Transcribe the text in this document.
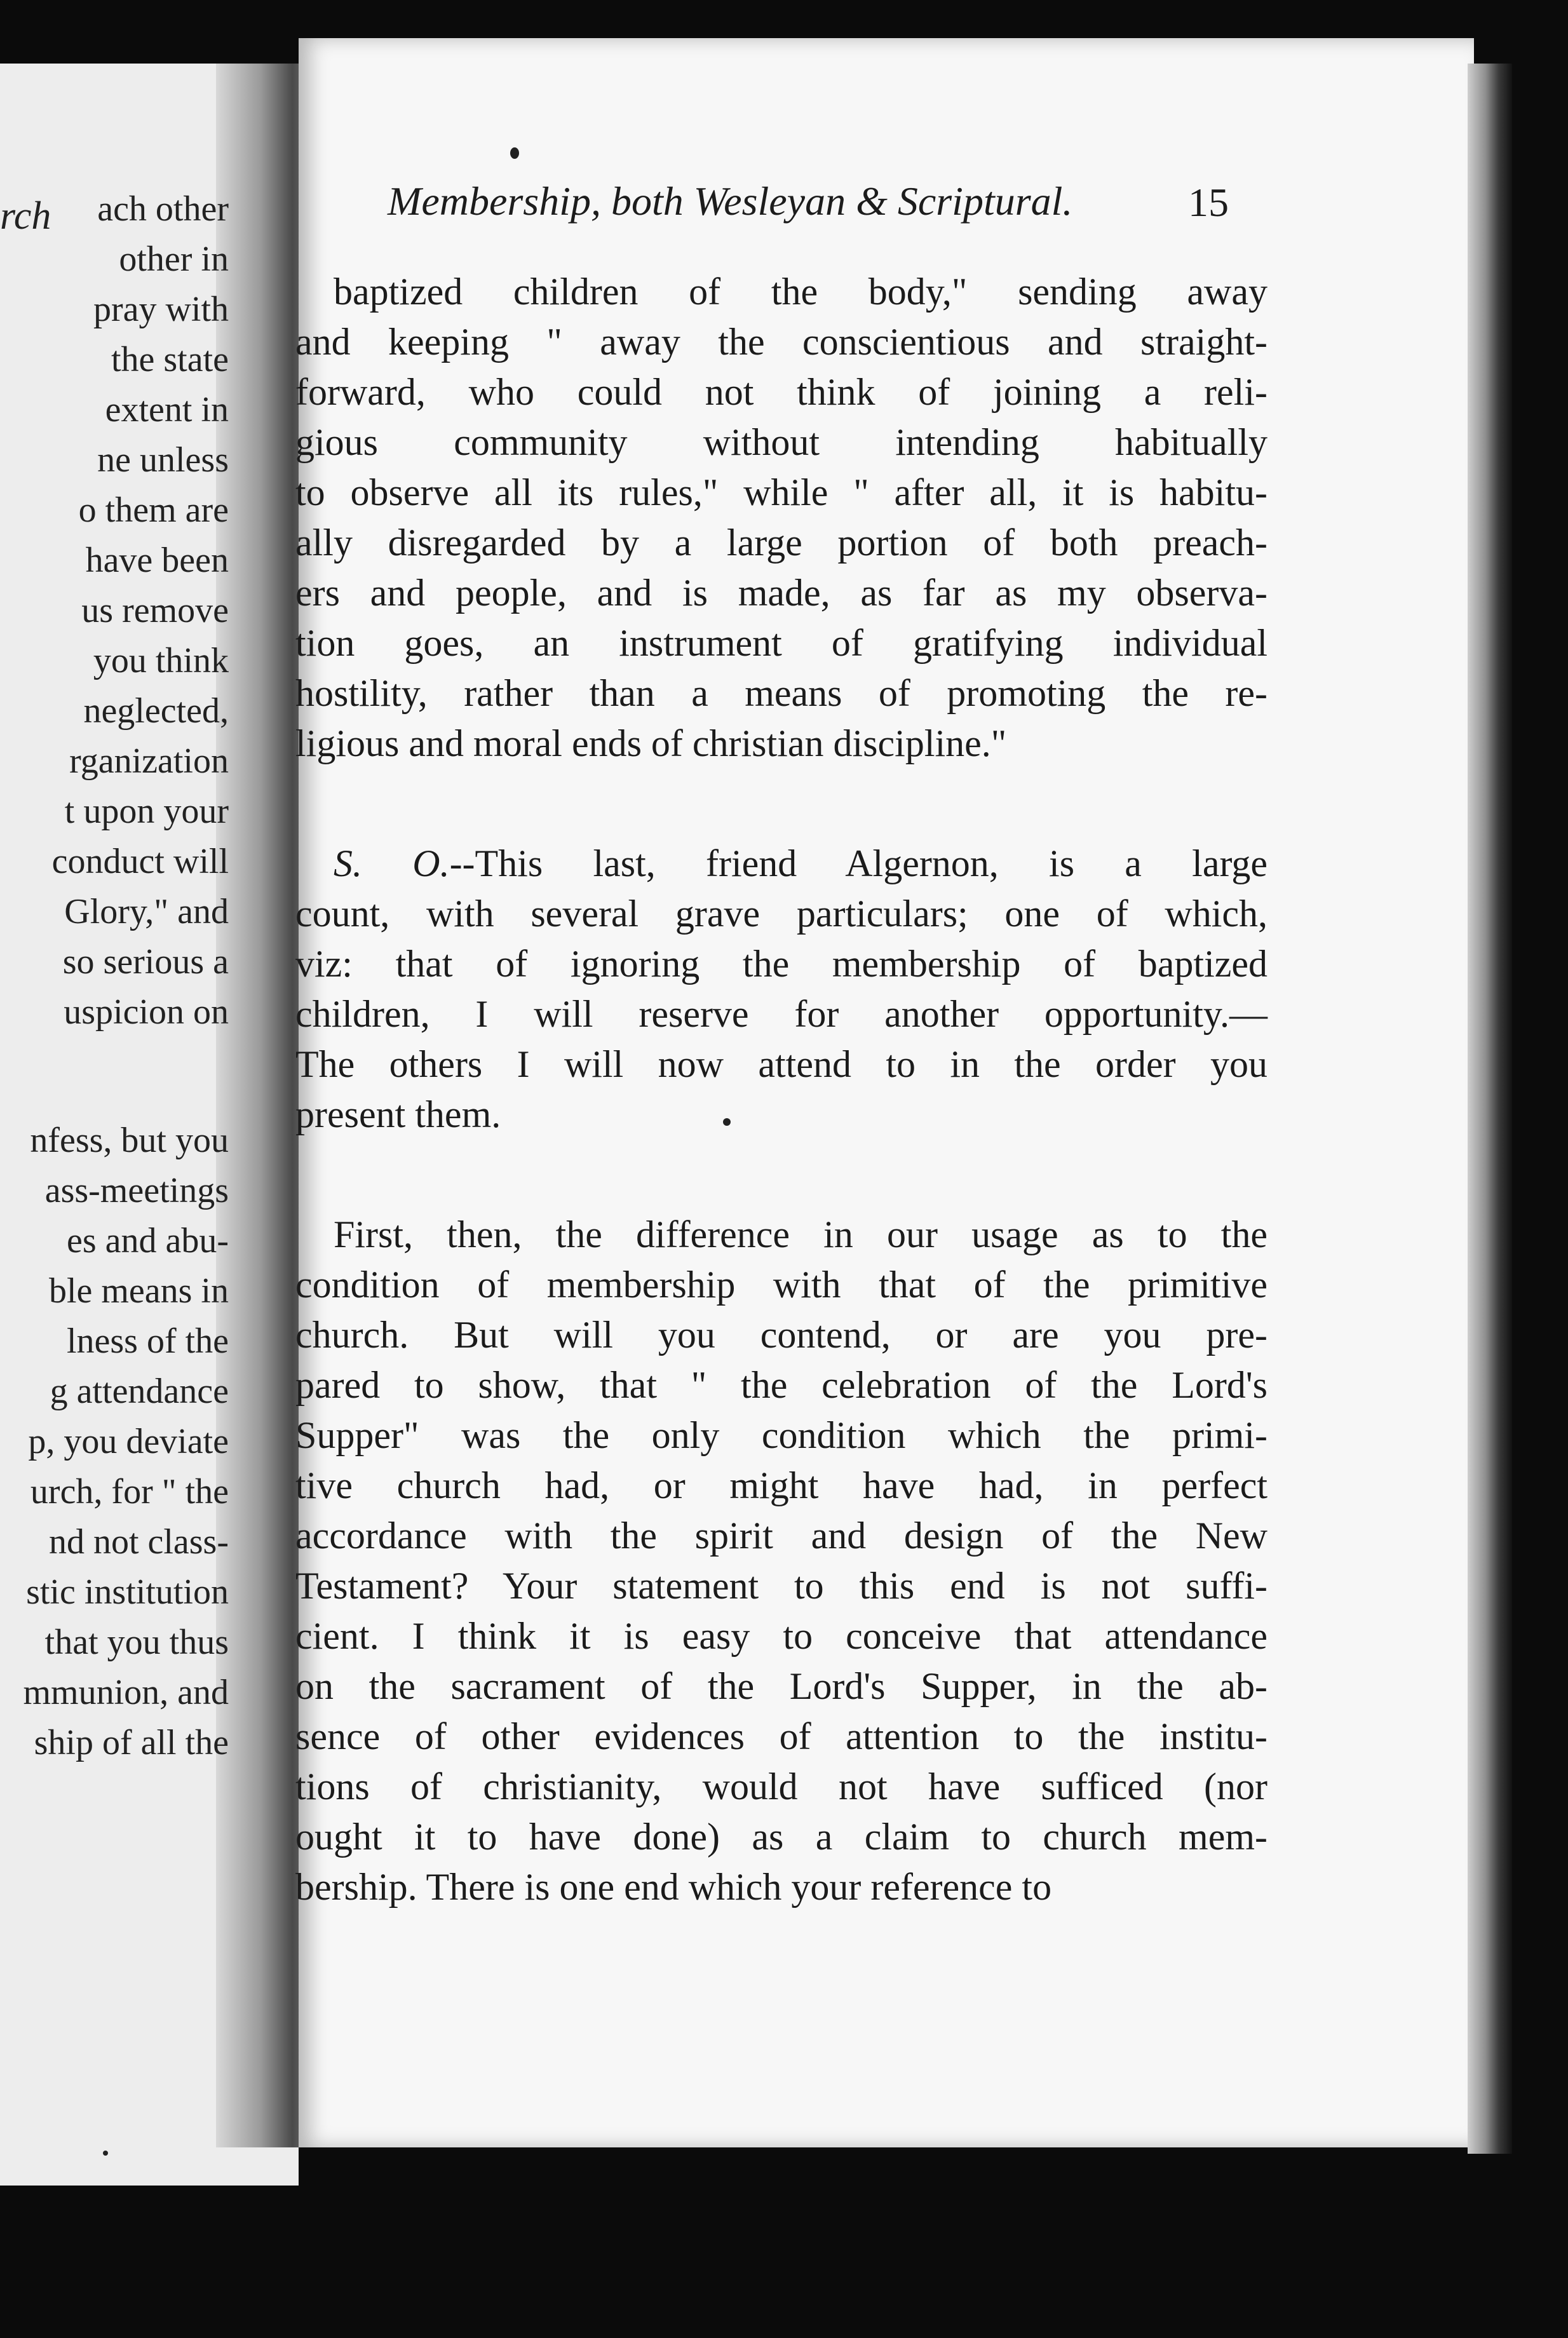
rch	ach other
other in
pray with
the state
extent in
ne unless
o them are
have been
us remove
you think
neglected,
rganization
t upon your
conduct will
Glory," and
so serious a
uspicion on
nfess, but you
ass-meetings
es and abu-
ble means in
lness of the
g attendance
p, you deviate
urch, for " the
nd not class-
stic institution
that you thus
mmunion, and
ship of all the
Membership, both Wesleyan & Scriptural.	15

baptized children of the body," sending away

and keeping " away the conscientious and straight-

forward, who could not think of joining a reli-

gious community without intending habitually

to observe all its rules," while " after all, it is habitu-

ally disregarded by a large portion of both preach-

ers and people, and is made, as far as my observa-

tion goes, an instrument of gratifying individual

hostility, rather than a means of promoting the re-

ligious and moral ends of christian discipline."

S. O.--This last, friend Algernon, is a large

count, with several grave particulars; one of which,

viz: that of ignoring the membership of baptized

children, I will reserve for another opportunity.—

The others I will now attend to in the order you

present them.

First, then, the difference in our usage as to the

condition of membership with that of the primitive

church. But will you contend, or are you pre-

pared to show, that " the celebration of the Lord's

Supper" was the only condition which the primi-

tive church had, or might have had, in perfect

accordance with the spirit and design of the New

Testament? Your statement to this end is not suffi-

cient. I think it is easy to conceive that attendance

on the sacrament of the Lord's Supper, in the ab-

sence of other evidences of attention to the institu-

tions of christianity, would not have sufficed (nor

ought it to have done) as a claim to church mem-

bership. There is one end which your reference to
